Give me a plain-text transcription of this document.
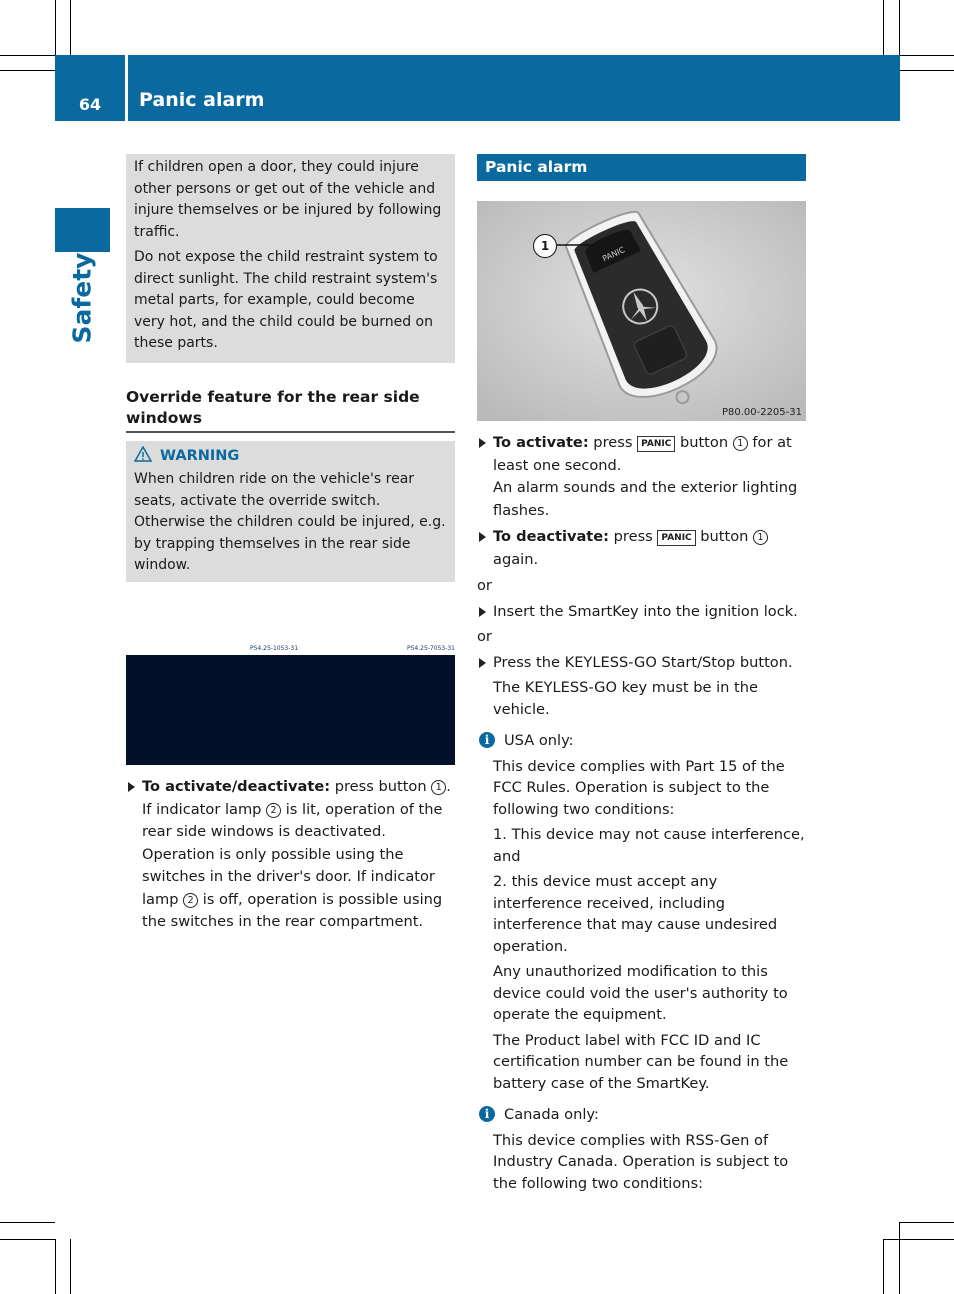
64	Panic alarm
Safety

If children open a door, they could injure other persons or get out of the vehicle and injure themselves or be injured by following traffic.

Do not expose the child restraint system to direct sunlight. The child restraint system's metal parts, for example, could become very hot, and the child could be burned on these parts.

Override feature for the rear side windows

WARNING

When children ride on the vehicle's rear seats, activate the override switch. Otherwise the children could be injured, e.g. by trapping themselves in the rear side window.

P54.25-1053-31	P54.25-7053-31

To activate/deactivate: press button 1 .
If indicator lamp 2 is lit, operation of the rear side windows is deactivated. Operation is only possible using the switches in the driver's door. If indicator lamp 2 is off, operation is possible using the switches in the rear compartment.

Panic alarm
PANIC
1
P80.00-2205-31

To activate: press PANIC button 1 for at least one second.
An alarm sounds and the exterior lighting flashes.

To deactivate: press PANIC button 1 again.

or

Insert the SmartKey into the ignition lock.

or

Press the KEYLESS-GO Start/Stop button.

The KEYLESS-GO key must be in the vehicle.

i	USA only:

This device complies with Part 15 of the FCC Rules. Operation is subject to the following two conditions:

1. This device may not cause interference, and

2. this device must accept any interference received, including interference that may cause undesired operation.

Any unauthorized modification to this device could void the user's authority to operate the equipment.

The Product label with FCC ID and IC certification number can be found in the battery case of the SmartKey.

i	Canada only:

This device complies with RSS-Gen of Industry Canada. Operation is subject to the following two conditions:
